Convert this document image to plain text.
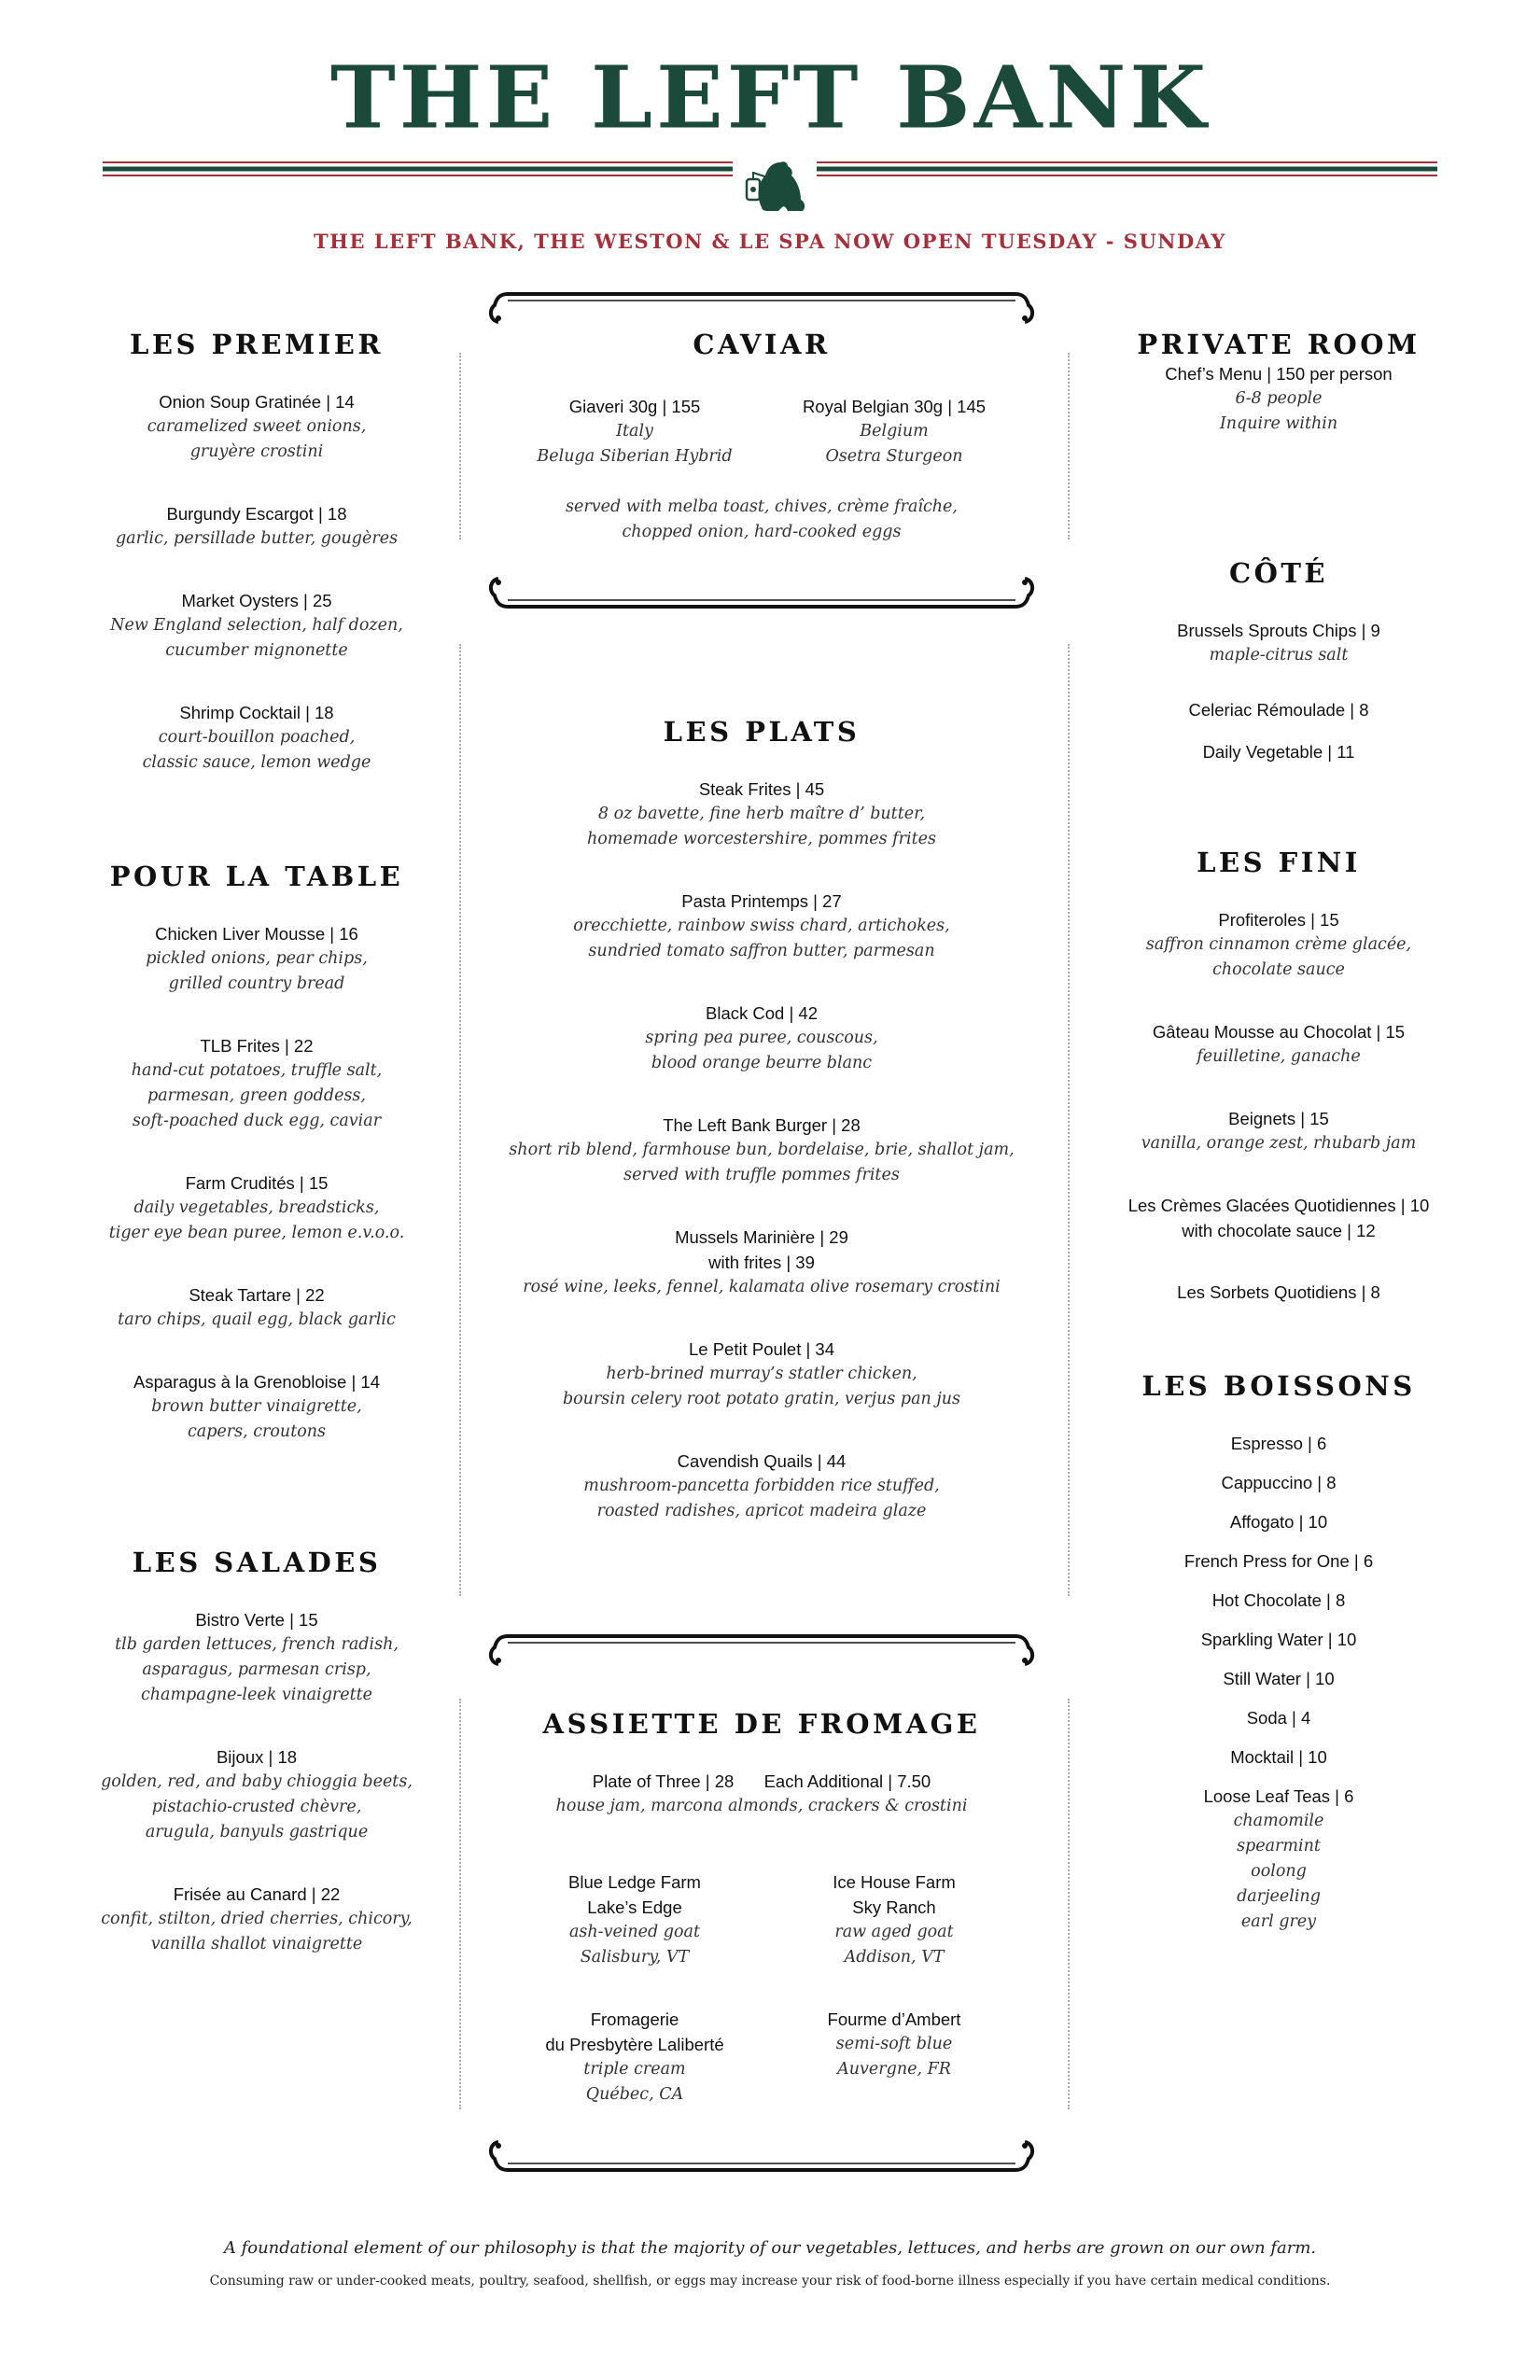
THE LEFT BANK
THE LEFT BANK, THE WESTON & LE SPA NOW OPEN TUESDAY - SUNDAY
LES PREMIER
Onion Soup Gratinée | 14
caramelized sweet onions,
gruyère crostini
Burgundy Escargot | 18
garlic, persillade butter, gougères
Market Oysters | 25
New England selection, half dozen,
cucumber mignonette
Shrimp Cocktail | 18
court-bouillon poached,
classic sauce, lemon wedge
POUR LA TABLE
Chicken Liver Mousse | 16
pickled onions, pear chips,
grilled country bread
TLB Frites | 22
hand-cut potatoes, truffle salt,
parmesan, green goddess,
soft-poached duck egg, caviar
Farm Crudités | 15
daily vegetables, breadsticks,
tiger eye bean puree, lemon e.v.o.o.
Steak Tartare | 22
taro chips, quail egg, black garlic
Asparagus à la Grenobloise | 14
brown butter vinaigrette,
capers, croutons
LES SALADES
Bistro Verte | 15
tlb garden lettuces, french radish,
asparagus, parmesan crisp,
champagne-leek vinaigrette
Bijoux | 18
golden, red, and baby chioggia beets,
pistachio-crusted chèvre,
arugula, banyuls gastrique
Frisée au Canard | 22
confit, stilton, dried cherries, chicory,
vanilla shallot vinaigrette
CAVIAR
Giaveri 30g | 155
Italy
Beluga Siberian Hybrid
Royal Belgian 30g | 145
Belgium
Osetra Sturgeon
served with melba toast, chives, crème fraîche,
chopped onion, hard-cooked eggs
LES PLATS
Steak Frites | 45
8 oz bavette, fine herb maître d’ butter,
homemade worcestershire, pommes frites
Pasta Printemps | 27
orecchiette, rainbow swiss chard, artichokes,
sundried tomato saffron butter, parmesan
Black Cod | 42
spring pea puree, couscous,
blood orange beurre blanc
The Left Bank Burger | 28
short rib blend, farmhouse bun, bordelaise, brie, shallot jam,
served with truffle pommes frites
Mussels Marinière | 29
with frites | 39
rosé wine, leeks, fennel, kalamata olive rosemary crostini
Le Petit Poulet | 34
herb-brined murray’s statler chicken,
boursin celery root potato gratin, verjus pan jus
Cavendish Quails | 44
mushroom-pancetta forbidden rice stuffed,
roasted radishes, apricot madeira glaze
ASSIETTE DE FROMAGE
Plate of Three | 28 Each Additional | 7.50
house jam, marcona almonds, crackers & crostini
Blue Ledge Farm
Lake’s Edge
ash-veined goat
Salisbury, VT
Ice House Farm
Sky Ranch
raw aged goat
Addison, VT
Fromagerie
du Presbytère Laliberté
triple cream
Québec, CA
Fourme d’Ambert
semi-soft blue
Auvergne, FR
PRIVATE ROOM
Chef’s Menu | 150 per person
6-8 people
Inquire within
CÔTÉ
Brussels Sprouts Chips | 9
maple-citrus salt
Celeriac Rémoulade | 8
Daily Vegetable | 11
LES FINI
Profiteroles | 15
saffron cinnamon crème glacée,
chocolate sauce
Gâteau Mousse au Chocolat | 15
feuilletine, ganache
Beignets | 15
vanilla, orange zest, rhubarb jam
Les Crèmes Glacées Quotidiennes | 10
with chocolate sauce | 12
Les Sorbets Quotidiens | 8
LES BOISSONS
Espresso | 6
Cappuccino | 8
Affogato | 10
French Press for One | 6
Hot Chocolate | 8
Sparkling Water | 10
Still Water | 10
Soda | 4
Mocktail | 10
Loose Leaf Teas | 6
chamomile
spearmint
oolong
darjeeling
earl grey
A foundational element of our philosophy is that the majority of our vegetables, lettuces, and herbs are grown on our own farm.
Consuming raw or under-cooked meats, poultry, seafood, shellfish, or eggs may increase your risk of food-borne illness especially if you have certain medical conditions.
